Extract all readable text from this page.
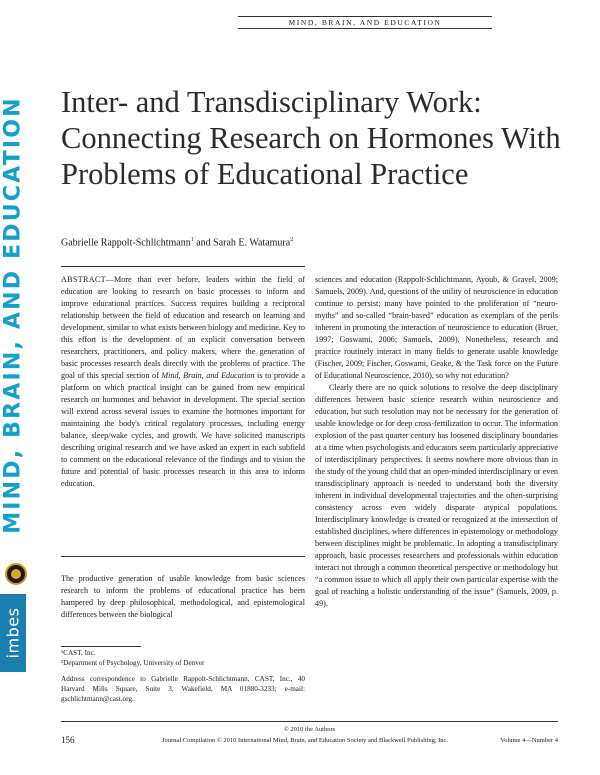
MIND, BRAIN, AND EDUCATION
MIND, BRAIN, AND EDUCATION
imbes
Inter- and Transdisciplinary Work: Connecting Research on Hormones With Problems of Educational Practice
Gabrielle Rappolt-Schlichtmann$^1$ and Sarah E. Watamura$^2$

ABSTRACT—More than ever before, leaders within the field of education are looking to research on basic processes to inform and improve educational practices. Success requires building a reciprocal relationship between the field of education and research on learning and development, similar to what exists between biology and medicine. Key to this effort is the development of an explicit conversation between researchers, practitioners, and policy makers, where the generation of basic processes research deals directly with the problems of practice. The goal of this special section of Mind, Brain, and Education is to provide a platform on which practical insight can be gained from new empirical research on hormones and behavior in development. The special section will extend across several issues to examine the hormones important for maintaining the body's critical regulatory processes, including energy balance, sleep/wake cycles, and growth. We have solicited manuscripts describing original research and we have asked an expert in each subfield to comment on the educational relevance of the findings and to vision the future and potential of basic processes research in this area to inform education.

The productive generation of usable knowledge from basic sciences research to inform the problems of educational practice has been hampered by deep philosophical, methodological, and epistemological differences between the biological

¹CAST, Inc.
²Department of Psychology, University of Denver
Address correspondence to Gabrielle Rappolt-Schlichtmann, CAST, Inc., 40 Harvard Mills Square, Suite 3, Wakefield, MA 01880-3233; e-mail: gschlichtmann@cast.org.

sciences and education (Rappolt-Schlichtmann, Ayoub, & Gravel, 2009; Samuels, 2009). And, questions of the utility of neuroscience in education continue to persist; many have pointed to the proliferation of “neuro-myths” and so-called “brain-based” education as exemplars of the perils inherent in promoting the interaction of neuroscience to education (Bruer, 1997; Goswami, 2006; Samuels, 2009). Nonetheless, research and practice routinely interact in many fields to generate usable knowledge (Fischer, 2009; Fischer, Goswami, Geake, & the Task force on the Future of Educational Neuroscience, 2010), so why not education?

Clearly there are no quick solutions to resolve the deep disciplinary differences between basic science research within neuroscience and education, but such resolution may not be necessary for the generation of usable knowledge or for deep cross-fertilization to occur. The information explosion of the past quarter century has loosened disciplinary boundaries at a time when psychologists and educators seem particularly appreciative of interdisciplinary perspectives. It seems nowhere more obvious than in the study of the young child that an open-minded interdisciplinary or even transdisciplinary approach is needed to understand both the diversity inherent in individual developmental trajectories and the often-surprising consistency across even widely disparate atypical populations. Interdisciplinary knowledge is created or recognized at the intersection of established disciplines, where differences in epistemology or methodology between disciplines might be problematic. In adopting a transdisciplinary approach, basic processes researchers and professionals within education interact not through a common theoretical perspective or methodology but “a common issue to which all apply their own particular expertise with the goal of reaching a holistic understanding of the issue” (Samuels, 2009, p. 49).

© 2010 the Authors
156	Journal Compilation © 2010 International Mind, Brain, and Education Society and Blackwell Publishing, Inc.	Volume 4—Number 4
